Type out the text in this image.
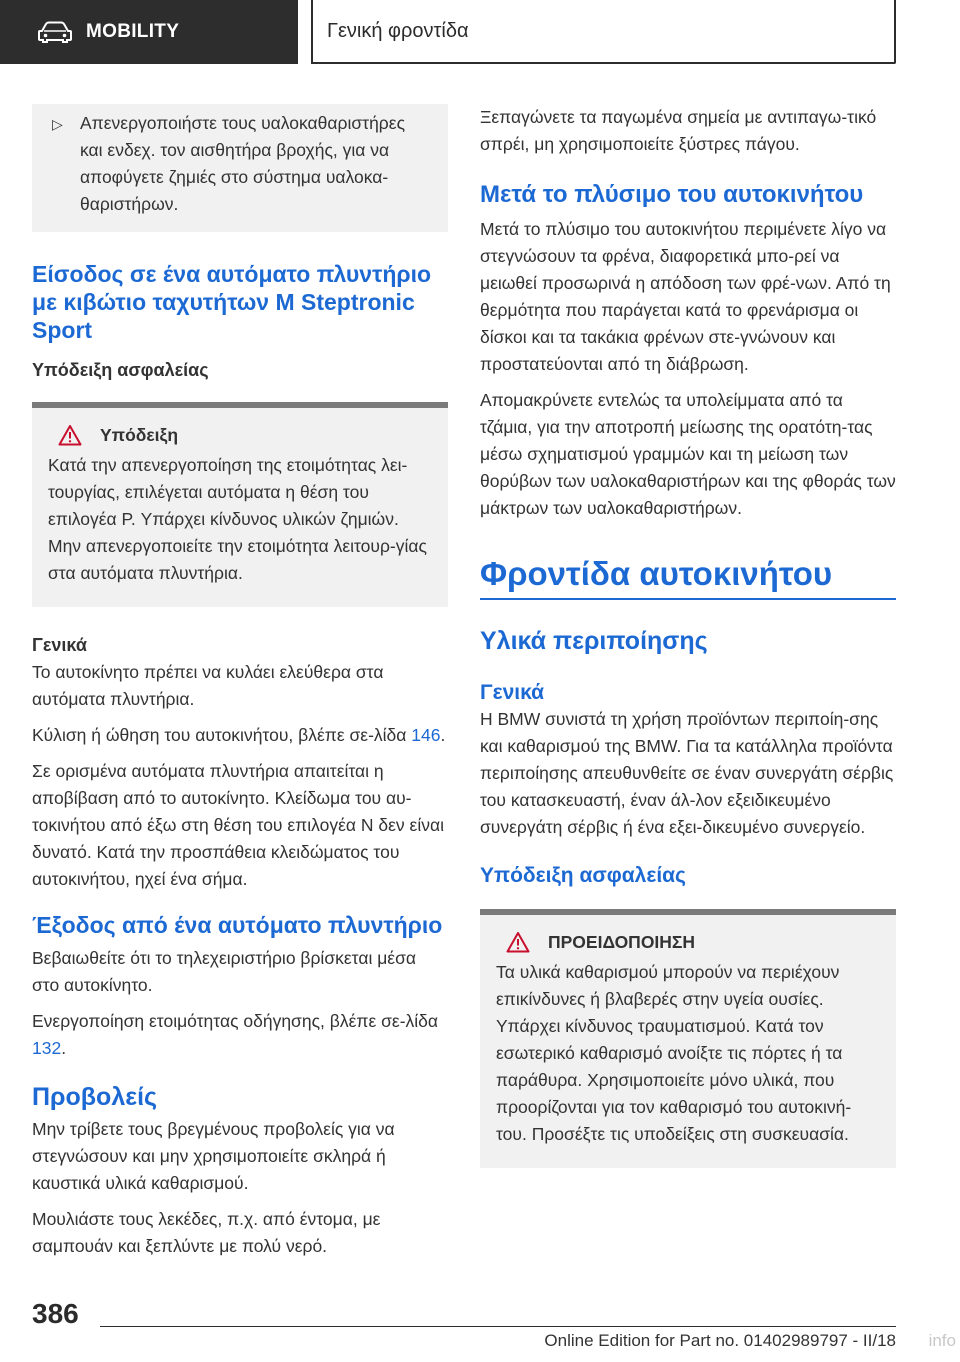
MOBILITY	Γενική φροντίδα
▷ Απενεργοποιήστε τους υαλοκαθαριστήρες και ενδεχ. τον αισθητήρα βροχής, για να αποφύγετε ζημιές στο σύστημα υαλοκα‐θαριστήρων.
Είσοδος σε ένα αυτόματο πλυντήριο με κιβώτιο ταχυτήτων M Steptronic Sport
Υπόδειξη ασφαλείας
Υπόδειξη

Κατά την απενεργοποίηση της ετοιμότητας λει‐τουργίας, επιλέγεται αυτόματα η θέση του επιλογέα P. Υπάρχει κίνδυνος υλικών ζημιών. Μην απενεργοποιείτε την ετοιμότητα λειτουρ‐γίας στα αυτόματα πλυντήρια.

Γενικά

Το αυτοκίνητο πρέπει να κυλάει ελεύθερα στα αυτόματα πλυντήρια.

Κύλιση ή ώθηση του αυτοκινήτου, βλέπε σε‐λίδα 146.

Σε ορισμένα αυτόματα πλυντήρια απαιτείται η αποβίβαση από το αυτοκίνητο. Κλείδωμα του αυ‐τοκινήτου από έξω στη θέση του επιλογέα N δεν είναι δυνατό. Κατά την προσπάθεια κλειδώματος του αυτοκινήτου, ηχεί ένα σήμα.

Έξοδος από ένα αυτόματο πλυντήριο

Βεβαιωθείτε ότι το τηλεχειριστήριο βρίσκεται μέσα στο αυτοκίνητο.

Ενεργοποίηση ετοιμότητας οδήγησης, βλέπε σε‐λίδα 132.

Προβολείς

Μην τρίβετε τους βρεγμένους προβολείς για να στεγνώσουν και μην χρησιμοποιείτε σκληρά ή καυστικά υλικά καθαρισμού.

Μουλιάστε τους λεκέδες, π.χ. από έντομα, με σαμπουάν και ξεπλύντε με πολύ νερό.

Ξεπαγώνετε τα παγωμένα σημεία με αντιπαγω‐τικό σπρέι, μη χρησιμοποιείτε ξύστρες πάγου.

Μετά το πλύσιμο του αυτοκινήτου

Μετά το πλύσιμο του αυτοκινήτου περιμένετε λίγο να στεγνώσουν τα φρένα, διαφορετικά μπο‐ρεί να μειωθεί προσωρινά η απόδοση των φρέ‐νων. Από τη θερμότητα που παράγεται κατά το φρενάρισμα οι δίσκοι και τα τακάκια φρένων στε‐γνώνουν και προστατεύονται από τη διάβρωση.

Απομακρύνετε εντελώς τα υπολείμματα από τα τζάμια, για την αποτροπή μείωσης της ορατότη‐τας μέσω σχηματισμού γραμμών και τη μείωση των θορύβων των υαλοκαθαριστήρων και της φθοράς των μάκτρων των υαλοκαθαριστήρων.

Φροντίδα αυτοκινήτου
Υλικά περιποίησης
Γενικά

Η BMW συνιστά τη χρήση προϊόντων περιποίη‐σης και καθαρισμού της BMW. Για τα κατάλληλα προϊόντα περιποίησης απευθυνθείτε σε έναν συνεργάτη σέρβις του κατασκευαστή, έναν άλ‐λον εξειδικευμένο συνεργάτη σέρβις ή ένα εξει‐δικευμένο συνεργείο.

Υπόδειξη ασφαλείας
ΠΡΟΕΙΔΟΠΟΙΗΣΗ

Τα υλικά καθαρισμού μπορούν να περιέχουν επικίνδυνες ή βλαβερές στην υγεία ουσίες. Υπάρχει κίνδυνος τραυματισμού. Κατά τον εσωτερικό καθαρισμό ανοίξτε τις πόρτες ή τα παράθυρα. Χρησιμοποιείτε μόνο υλικά, που προορίζονται για τον καθαρισμό του αυτοκινή‐του. Προσέξτε τις υποδείξεις στη συσκευασία.

386
Online Edition for Part no. 01402989797 - II/18 info
